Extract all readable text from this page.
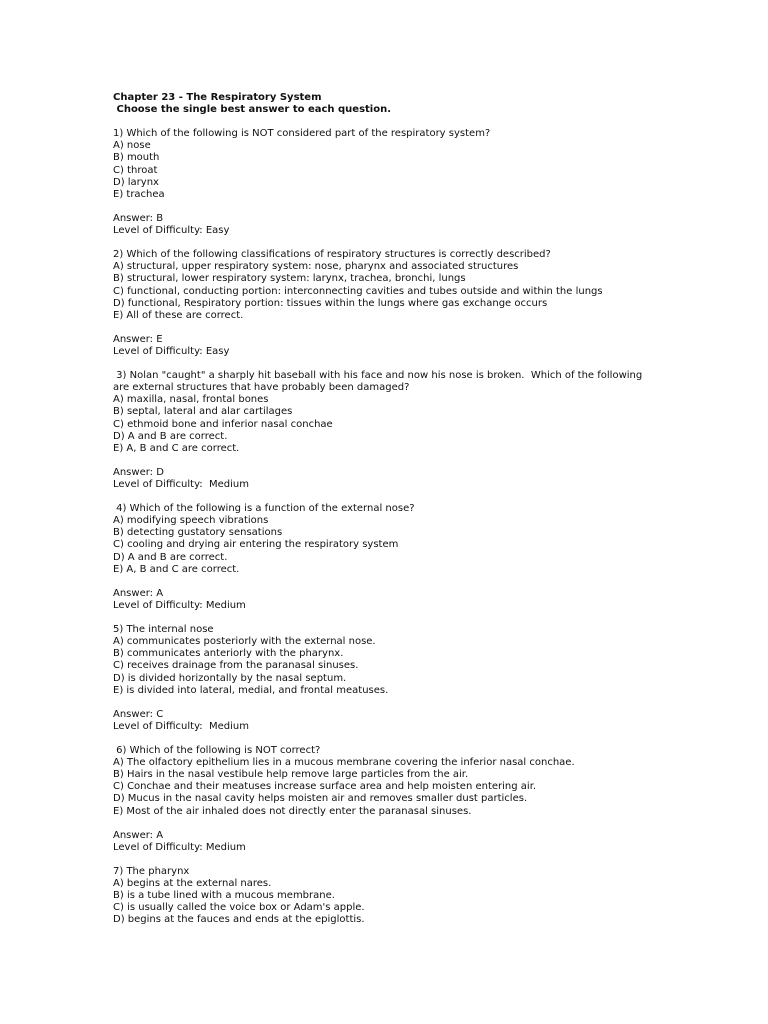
Chapter 23 - The Respiratory System
Choose the single best answer to each question.
1) Which of the following is NOT considered part of the respiratory system?
A) nose
B) mouth
C) throat
D) larynx
E) trachea
Answer: B
Level of Difficulty: Easy
2) Which of the following classifications of respiratory structures is correctly described?
A) structural, upper respiratory system: nose, pharynx and associated structures
B) structural, lower respiratory system: larynx, trachea, bronchi, lungs
C) functional, conducting portion: interconnecting cavities and tubes outside and within the lungs
D) functional, Respiratory portion: tissues within the lungs where gas exchange occurs
E) All of these are correct.
Answer: E
Level of Difficulty: Easy
3) Nolan "caught" a sharply hit baseball with his face and now his nose is broken.  Which of the following
are external structures that have probably been damaged?
A) maxilla, nasal, frontal bones
B) septal, lateral and alar cartilages
C) ethmoid bone and inferior nasal conchae
D) A and B are correct.
E) A, B and C are correct.
Answer: D
Level of Difficulty:  Medium
4) Which of the following is a function of the external nose?
A) modifying speech vibrations
B) detecting gustatory sensations
C) cooling and drying air entering the respiratory system
D) A and B are correct.
E) A, B and C are correct.
Answer: A
Level of Difficulty: Medium
5) The internal nose
A) communicates posteriorly with the external nose.
B) communicates anteriorly with the pharynx.
C) receives drainage from the paranasal sinuses.
D) is divided horizontally by the nasal septum.
E) is divided into lateral, medial, and frontal meatuses.
Answer: C
Level of Difficulty:  Medium
6) Which of the following is NOT correct?
A) The olfactory epithelium lies in a mucous membrane covering the inferior nasal conchae.
B) Hairs in the nasal vestibule help remove large particles from the air.
C) Conchae and their meatuses increase surface area and help moisten entering air.
D) Mucus in the nasal cavity helps moisten air and removes smaller dust particles.
E) Most of the air inhaled does not directly enter the paranasal sinuses.
Answer: A
Level of Difficulty: Medium
7) The pharynx
A) begins at the external nares.
B) is a tube lined with a mucous membrane.
C) is usually called the voice box or Adam's apple.
D) begins at the fauces and ends at the epiglottis.
